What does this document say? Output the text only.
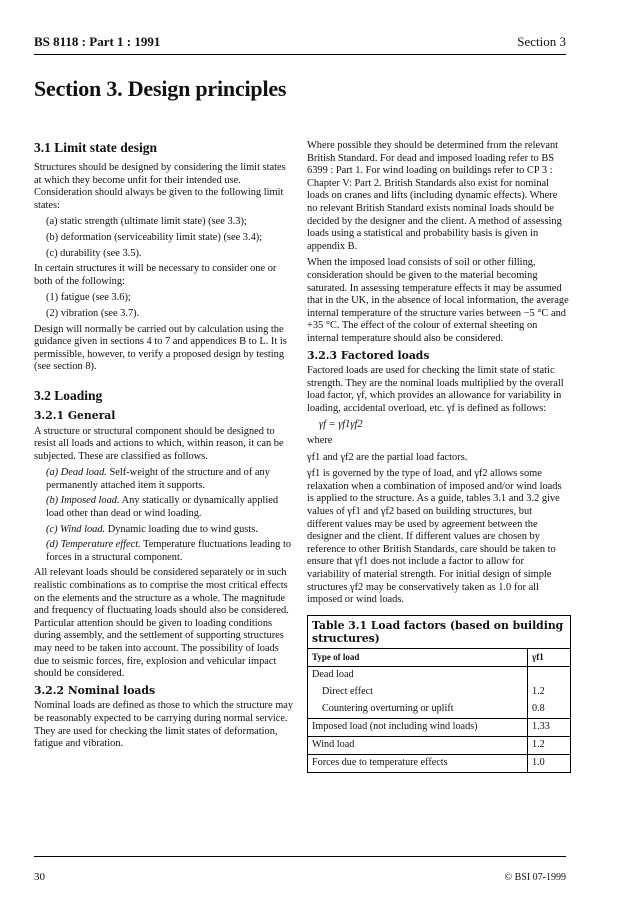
BS 8118 : Part 1 : 1991	Section 3
Section 3. Design principles
3.1 Limit state design

Structures should be designed by considering the limit states at which they become unfit for their intended use. Consideration should always be given to the following limit states:

(a) static strength (ultimate limit state) (see 3.3);
(b) deformation (serviceability limit state) (see 3.4);
(c) durability (see 3.5).

In certain structures it will be necessary to consider one or both of the following:

(1) fatigue (see 3.6);
(2) vibration (see 3.7).

Design will normally be carried out by calculation using the guidance given in sections 4 to 7 and appendices B to L. It is permissible, however, to verify a proposed design by testing (see section 8).

3.2 Loading
3.2.1 General

A structure or structural component should be designed to resist all loads and actions to which, within reason, it can be subjected. These are classified as follows.

(a) Dead load. Self-weight of the structure and of any permanently attached item it supports.
(b) Imposed load. Any statically or dynamically applied load other than dead or wind loading.
(c) Wind load. Dynamic loading due to wind gusts.
(d) Temperature effect. Temperature fluctuations leading to forces in a structural component.

All relevant loads should be considered separately or in such realistic combinations as to comprise the most critical effects on the elements and the structure as a whole. The magnitude and frequency of fluctuating loads should also be considered. Particular attention should be given to loading conditions during assembly, and the settlement of supporting structures may need to be taken into account. The possibility of loads due to seismic forces, fire, explosion and vehicular impact should be considered.

3.2.2 Nominal loads

Nominal loads are defined as those to which the structure may be reasonably expected to be carrying during normal service. They are used for checking the limit states of deformation, fatigue and vibration.

Where possible they should be determined from the relevant British Standard. For dead and imposed loading refer to BS 6399 : Part 1. For wind loading on buildings refer to CP 3 : Chapter V: Part 2. British Standards also exist for nominal loads on cranes and lifts (including dynamic effects). Where no relevant British Standard exists nominal loads should be decided by the designer and the client. A method of assessing loads using a statistical and probability basis is given in appendix B.

When the imposed load consists of soil or other filling, consideration should be given to the material becoming saturated. In assessing temperature effects it may be assumed that in the UK, in the absence of local information, the average internal temperature of the structure varies between −5 °C and +35 °C. The effect of the colour of external sheeting on internal temperature should also be considered.

3.2.3 Factored loads

Factored loads are used for checking the limit state of static strength. They are the nominal loads multiplied by the overall load factor, γf, which provides an allowance for variability in loading, accidental overload, etc. γf is defined as follows:

γf = γf1γf2

where

γf1 and γf2 are the partial load factors.

γf1 is governed by the type of load, and γf2 allows some relaxation when a combination of imposed and/or wind loads is applied to the structure. As a guide, tables 3.1 and 3.2 give values of γf1 and γf2 based on building structures, but different values may be used by agreement between the designer and the client. If different values are chosen by reference to other British Standards, care should be taken to ensure that γf1 does not include a factor to allow for variability of material strength. For initial design of simple structures γf2 may be conservatively taken as 1.0 for all imposed or wind loads.

Table 3.1 Load factors (based on building structures)
Type of load	γf1
Dead load	
Direct effect	1.2
Countering overturning or uplift	0.8
Imposed load (not including wind loads)	1.33
Wind load	1.2
Forces due to temperature effects	1.0
30	© BSI 07-1999
